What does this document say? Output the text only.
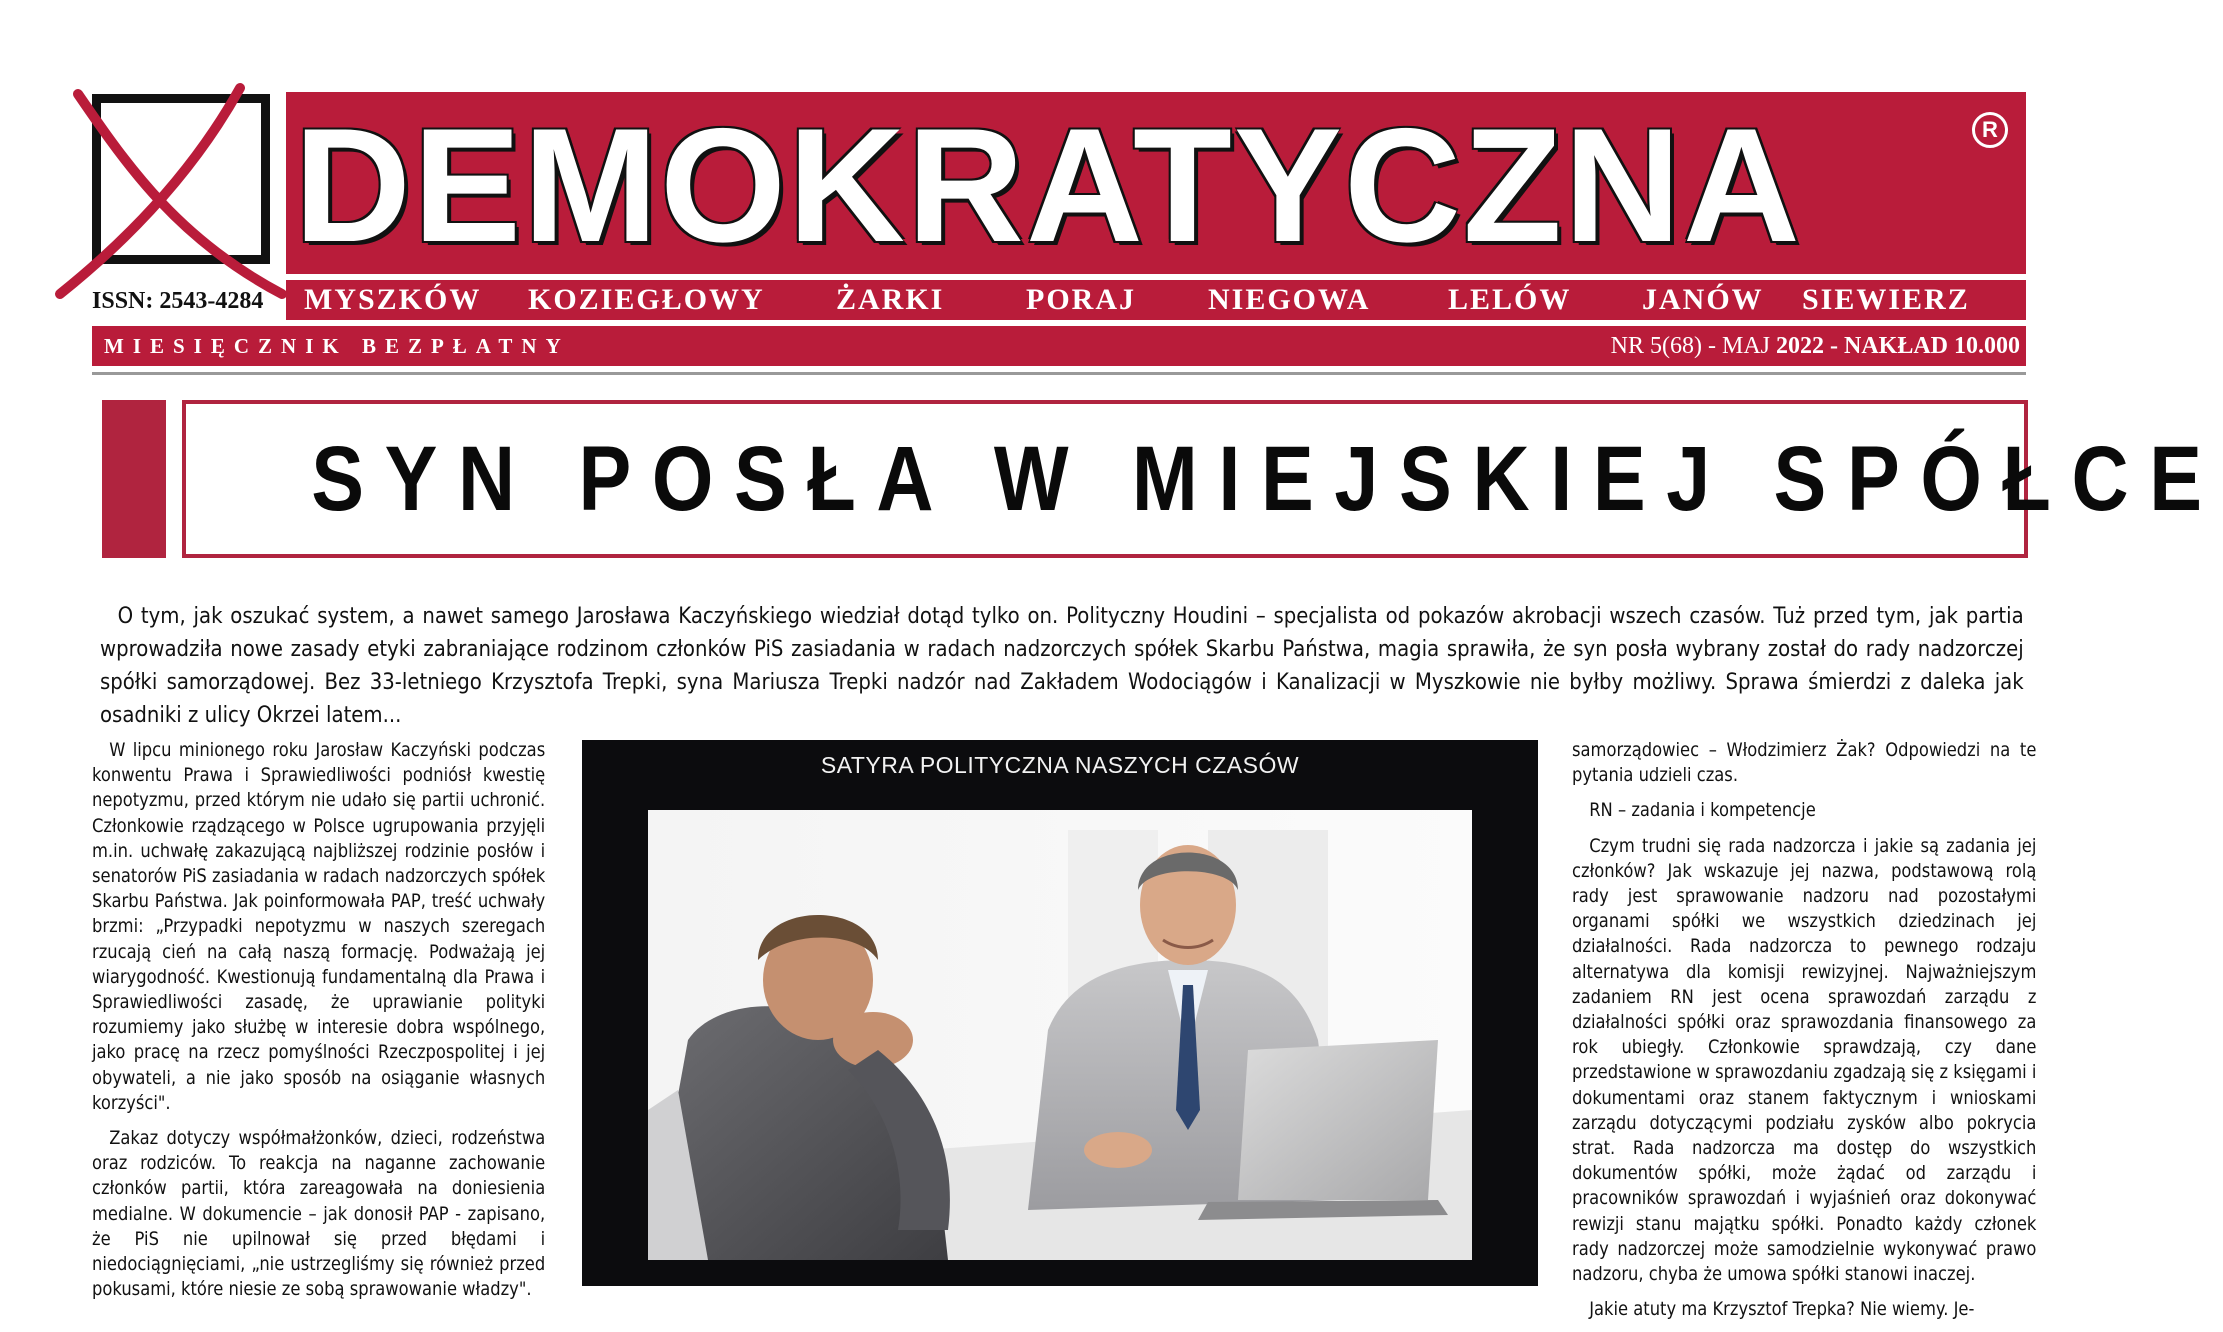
DEMOKRATYCZNA	R
ISSN: 2543-4284 MYSZKÓW KOZIEGŁOWY ŻARKI	PORAJ NIEGOWA	LELÓW JANÓW SIEWIERZ
MIESIĘCZNIK BEZPŁATNY	NR 5(68) - MAJ 2022 - NAKŁAD 10.000
SYN POSŁA W MIEJSKIEJ SPÓŁCE
O tym, jak oszukać system, a nawet samego Jarosława Kaczyńskiego wiedział dotąd tylko on. Polityczny Houdini – specjalista od pokazów akrobacji wszech czasów. Tuż przed tym, jak partia wprowadziła nowe zasady etyki zabraniające rodzinom członków PiS zasiadania w radach nadzorczych spółek Skarbu Państwa, magia sprawiła, że syn posła wybrany został do rady nadzorczej spółki samorządowej. Bez 33-letniego Krzysztofa Trepki, syna Mariusza Trepki nadzór nad Zakładem Wodociągów i Kanalizacji w Myszkowie nie byłby możliwy. Sprawa śmierdzi z daleka jak osadniki z ulicy Okrzei latem...

W lipcu minionego roku Jarosław Kaczyński podczas konwentu Prawa i Sprawiedliwości podniósł kwestię nepotyzmu, przed którym nie udało się partii uchronić. Członkowie rządzącego w Polsce ugrupowania przyjęli m.in. uchwałę zakazującą najbliższej rodzinie posłów i senatorów PiS zasiadania w radach nadzorczych spółek Skarbu Państwa. Jak poinformowała PAP, treść uchwały brzmi: „Przypadki nepotyzmu w naszych szeregach rzucają cień na całą naszą formację. Podważają jej wiarygodność. Kwestionują fundamentalną dla Prawa i Sprawiedliwości zasadę, że uprawianie polityki rozumiemy jako służbę w interesie dobra wspólnego, jako pracę na rzecz pomyślności Rzeczpospolitej i jej obywateli, a nie jako sposób na osiąganie własnych korzyści".

Zakaz dotyczy współmałżonków, dzieci, rodzeństwa oraz rodziców. To reakcja na naganne zachowanie członków partii, która zareagowała na doniesienia medialne. W dokumencie – jak donosił PAP - zapisano, że PiS nie upilnował się przed błędami i niedociągnięciami, „nie ustrzegliśmy się również przed pokusami, które niesie ze sobą sprawowanie władzy".

SATYRA POLITYCZNA NASZYCH CZASÓW

samorządowiec – Włodzimierz Żak? Odpowiedzi na te pytania udzieli czas.

RN – zadania i kompetencje

Czym trudni się rada nadzorcza i jakie są zadania jej członków? Jak wskazuje jej nazwa, podstawową rolą rady jest sprawowanie nadzoru nad pozostałymi organami spółki we wszystkich dziedzinach jej działalności. Rada nadzorcza to pewnego rodzaju alternatywa dla komisji rewizyjnej. Najważniejszym zadaniem RN jest ocena sprawozdań zarządu z działalności spółki oraz sprawozdania finansowego za rok ubiegły. Członkowie sprawdzają, czy dane przedstawione w sprawozdaniu zgadzają się z księgami i dokumentami oraz stanem faktycznym i wnioskami zarządu dotyczącymi podziału zysków albo pokrycia strat. Rada nadzorcza ma dostęp do wszystkich dokumentów spółki, może żądać od zarządu i pracowników sprawozdań i wyjaśnień oraz dokonywać rewizji stanu majątku spółki. Ponadto każdy członek rady nadzorczej może samodzielnie wykonywać prawo nadzoru, chyba że umowa spółki stanowi inaczej.

Jakie atuty ma Krzysztof Trepka? Nie wiemy. Je-
